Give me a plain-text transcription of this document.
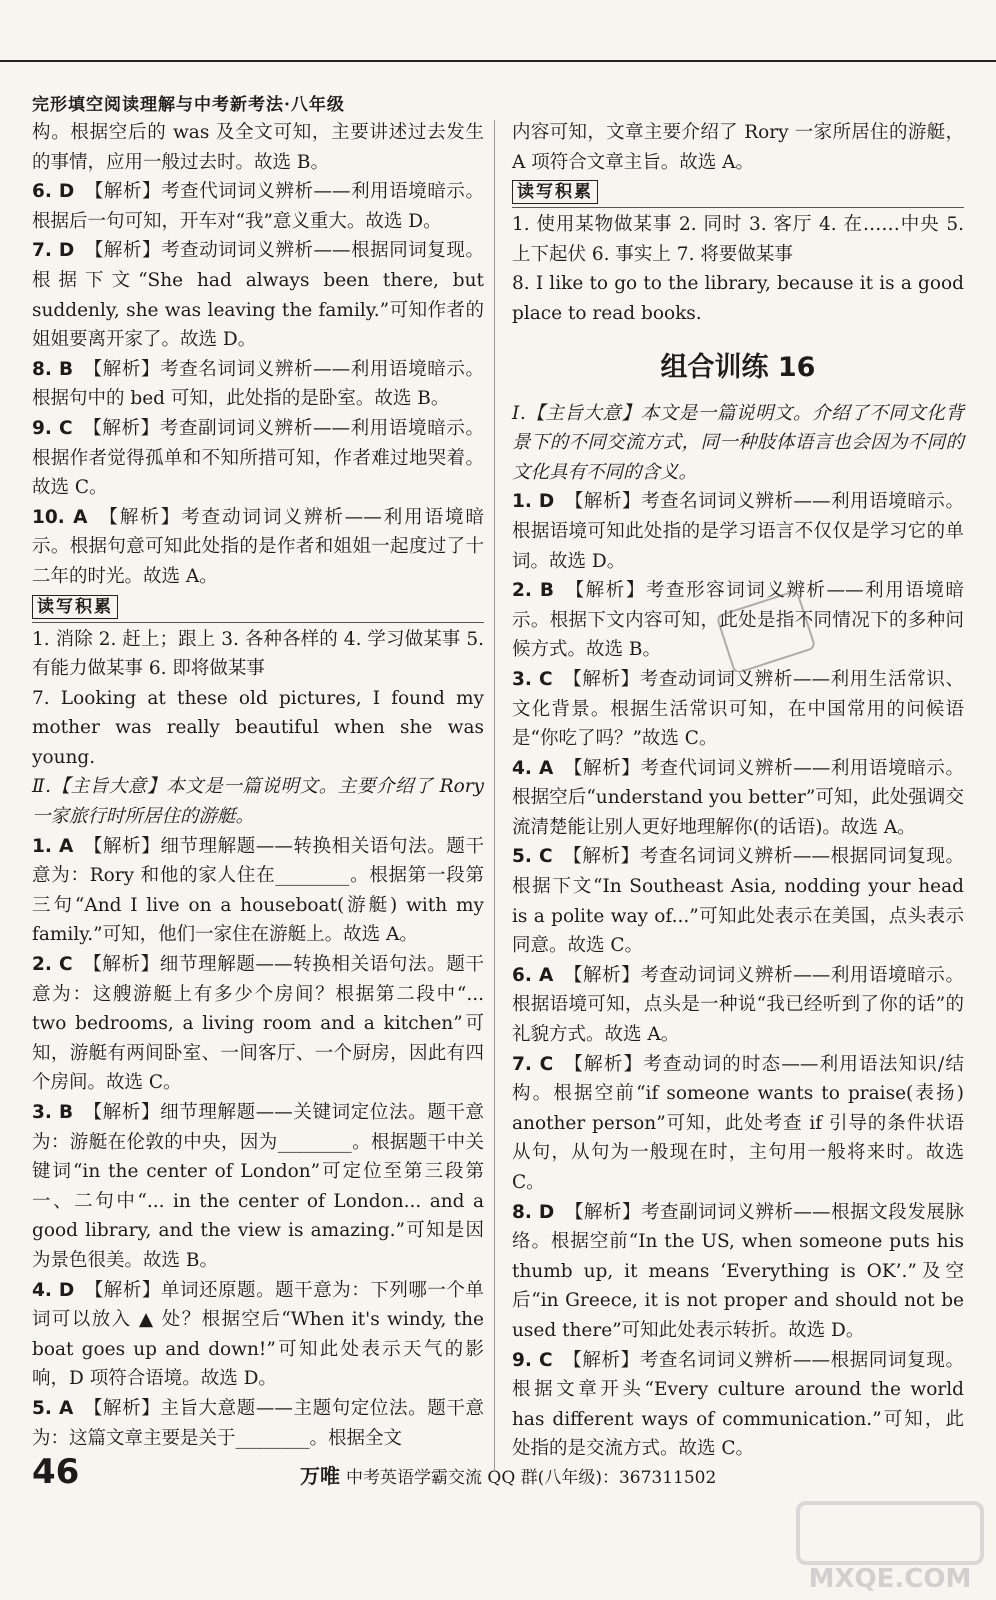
完形填空阅读理解与中考新考法·八年级

构。根据空后的 was 及全文可知，主要讲述过去发生的事情，应用一般过去时。故选 B。

6. D 【解析】考查代词词义辨析——利用语境暗示。根据后一句可知，开车对“我”意义重大。故选 D。

7. D 【解析】考查动词词义辨析——根据同词复现。根据下文“She had always been there, but suddenly, she was leaving the family.”可知作者的姐姐要离开家了。故选 D。

8. B 【解析】考查名词词义辨析——利用语境暗示。根据句中的 bed 可知，此处指的是卧室。故选 B。

9. C 【解析】考查副词词义辨析——利用语境暗示。根据作者觉得孤单和不知所措可知，作者难过地哭着。故选 C。

10. A 【解析】考查动词词义辨析——利用语境暗示。根据句意可知此处指的是作者和姐姐一起度过了十二年的时光。故选 A。

读写积累

1. 消除 2. 赶上；跟上 3. 各种各样的 4. 学习做某事 5. 有能力做某事 6. 即将做某事

7. Looking at these old pictures, I found my mother was really beautiful when she was young.

Ⅱ.【主旨大意】本文是一篇说明文。主要介绍了 Rory 一家旅行时所居住的游艇。

1. A 【解析】细节理解题——转换相关语句法。题干意为：Rory 和他的家人住在________。根据第一段第三句“And I live on a houseboat(游艇) with my family.”可知，他们一家住在游艇上。故选 A。

2. C 【解析】细节理解题——转换相关语句法。题干意为：这艘游艇上有多少个房间？根据第二段中“... two bedrooms, a living room and a kitchen”可知，游艇有两间卧室、一间客厅、一个厨房，因此有四个房间。故选 C。

3. B 【解析】细节理解题——关键词定位法。题干意为：游艇在伦敦的中央，因为________。根据题干中关键词“in the center of London”可定位至第三段第一、二句中“... in the center of London... and a good library, and the view is amazing.”可知是因为景色很美。故选 B。

4. D 【解析】单词还原题。题干意为：下列哪一个单词可以放入 ▲ 处？根据空后“When it's windy, the boat goes up and down!”可知此处表示天气的影响，D 项符合语境。故选 D。

5. A 【解析】主旨大意题——主题句定位法。题干意为：这篇文章主要是关于________。根据全文

内容可知，文章主要介绍了 Rory 一家所居住的游艇，A 项符合文章主旨。故选 A。

读写积累

1. 使用某物做某事 2. 同时 3. 客厅 4. 在……中央 5. 上下起伏 6. 事实上 7. 将要做某事

8. I like to go to the library, because it is a good place to read books.

组合训练 16

Ⅰ.【主旨大意】本文是一篇说明文。介绍了不同文化背景下的不同交流方式，同一种肢体语言也会因为不同的文化具有不同的含义。

1. D 【解析】考查名词词义辨析——利用语境暗示。根据语境可知此处指的是学习语言不仅仅是学习它的单词。故选 D。

2. B 【解析】考查形容词词义辨析——利用语境暗示。根据下文内容可知，此处是指不同情况下的多种问候方式。故选 B。

3. C 【解析】考查动词词义辨析——利用生活常识、文化背景。根据生活常识可知，在中国常用的问候语是“你吃了吗？”故选 C。

4. A 【解析】考查代词词义辨析——利用语境暗示。根据空后“understand you better”可知，此处强调交流清楚能让别人更好地理解你(的话语)。故选 A。

5. C 【解析】考查名词词义辨析——根据同词复现。根据下文“In Southeast Asia, nodding your head is a polite way of...”可知此处表示在美国，点头表示同意。故选 C。

6. A 【解析】考查动词词义辨析——利用语境暗示。根据语境可知，点头是一种说“我已经听到了你的话”的礼貌方式。故选 A。

7. C 【解析】考查动词的时态——利用语法知识/结构。根据空前“if someone wants to praise(表扬) another person”可知，此处考查 if 引导的条件状语从句，从句为一般现在时，主句用一般将来时。故选 C。

8. D 【解析】考查副词词义辨析——根据文段发展脉络。根据空前“In the US, when someone puts his thumb up, it means ‘Everything is OK’.”及空后“in Greece, it is not proper and should not be used there”可知此处表示转折。故选 D。

9. C 【解析】考查名词词义辨析——根据同词复现。根据文章开头“Every culture around the world has different ways of communication.”可知，此处指的是交流方式。故选 C。

46	万唯 中考英语学霸交流 QQ 群(八年级)：367311502
MXQE.COM
